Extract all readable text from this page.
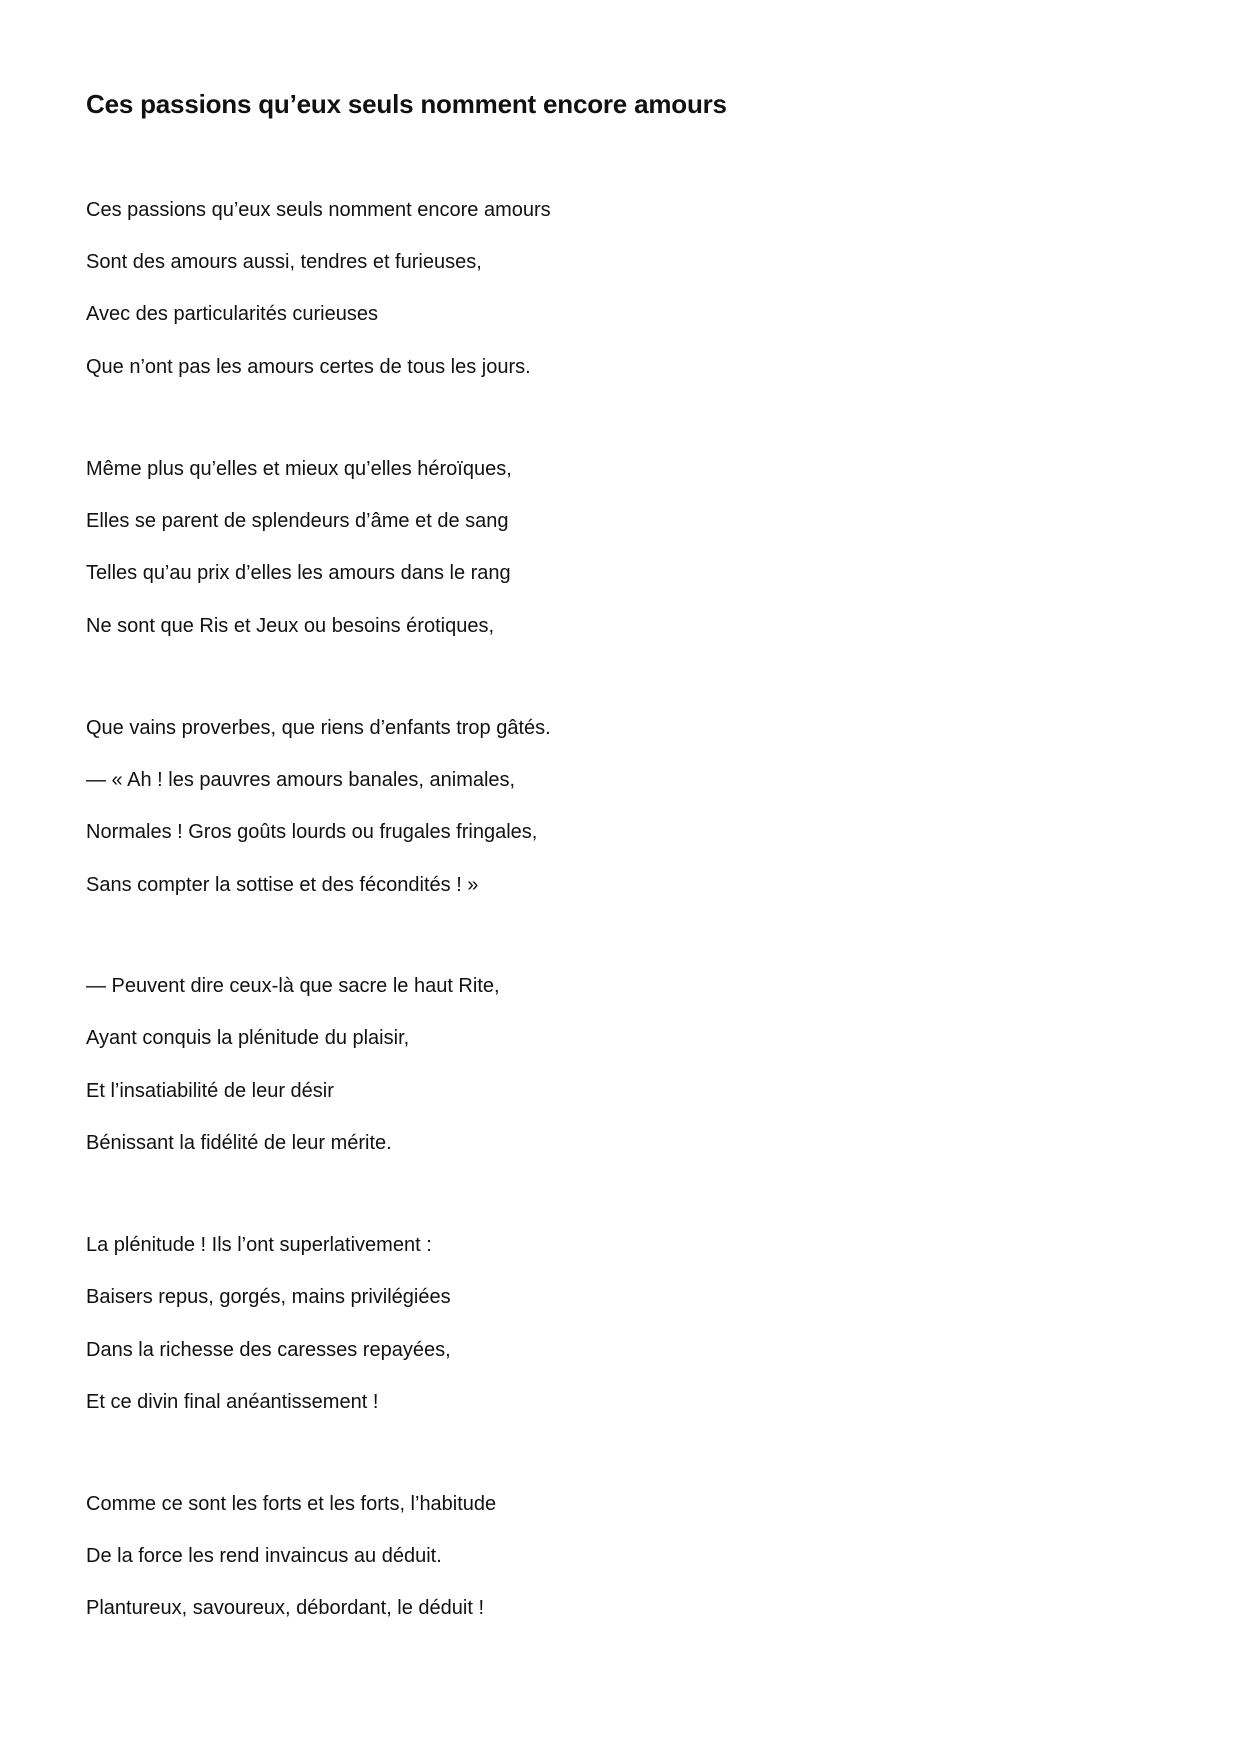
Ces passions qu’eux seuls nomment encore amours

Ces passions qu’eux seuls nomment encore amours

Sont des amours aussi, tendres et furieuses,

Avec des particularités curieuses

Que n’ont pas les amours certes de tous les jours.

Même plus qu’elles et mieux qu’elles héroïques,

Elles se parent de splendeurs d’âme et de sang

Telles qu’au prix d’elles les amours dans le rang

Ne sont que Ris et Jeux ou besoins érotiques,

Que vains proverbes, que riens d’enfants trop gâtés.

— « Ah ! les pauvres amours banales, animales,

Normales ! Gros goûts lourds ou frugales fringales,

Sans compter la sottise et des fécondités ! »

— Peuvent dire ceux-là que sacre le haut Rite,

Ayant conquis la plénitude du plaisir,

Et l’insatiabilité de leur désir

Bénissant la fidélité de leur mérite.

La plénitude ! Ils l’ont superlativement :

Baisers repus, gorgés, mains privilégiées

Dans la richesse des caresses repayées,

Et ce divin final anéantissement !

Comme ce sont les forts et les forts, l’habitude

De la force les rend invaincus au déduit.

Plantureux, savoureux, débordant, le déduit !
